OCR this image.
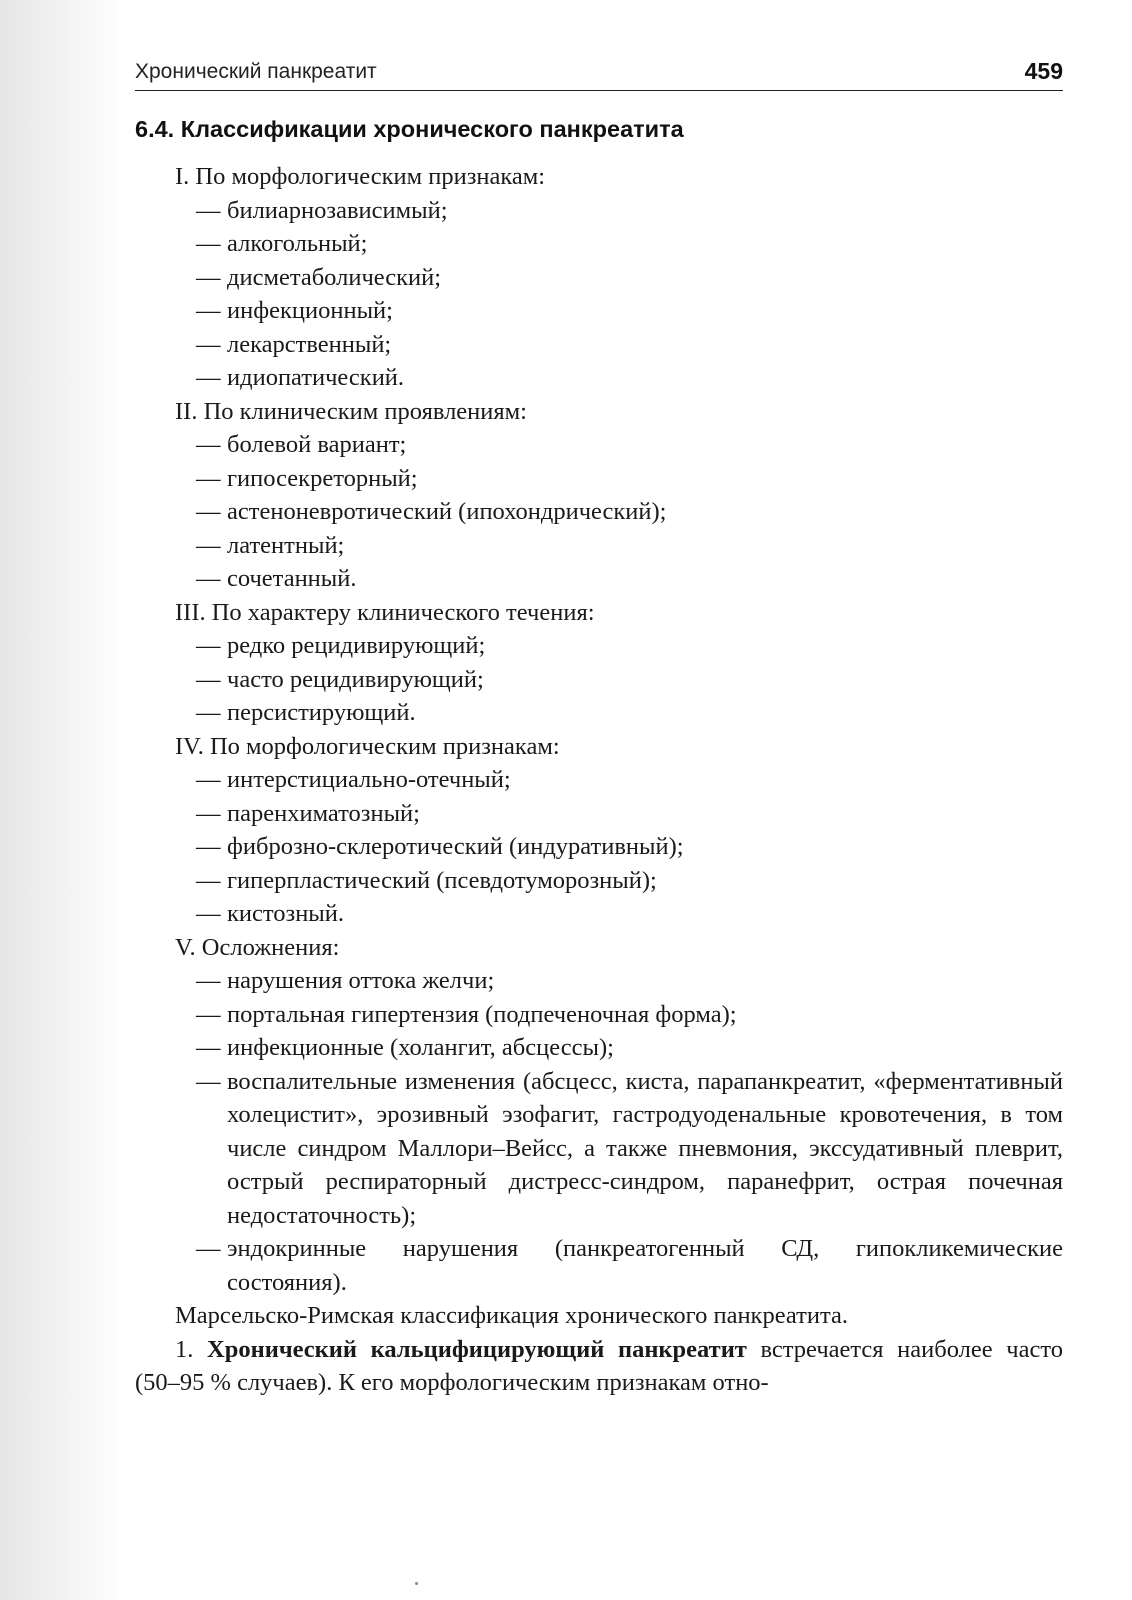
Хронический панкреатит	459
6.4. Классификации хронического панкреатита
I. По морфологическим признакам:
— билиарнозависимый;
— алкогольный;
— дисметаболический;
— инфекционный;
— лекарственный;
— идиопатический.
II. По клиническим проявлениям:
— болевой вариант;
— гипосекреторный;
— астеноневротический (ипохондрический);
— латентный;
— сочетанный.
III. По характеру клинического течения:
— редко рецидивирующий;
— часто рецидивирующий;
— персистирующий.
IV. По морфологическим признакам:
— интерстициально-отечный;
— паренхиматозный;
— фиброзно-склеротический (индуративный);
— гиперпластический (псевдотуморозный);
— кистозный.
V. Осложнения:
— нарушения оттока желчи;
— портальная гипертензия (подпеченочная форма);
— инфекционные (холангит, абсцессы);
— воспалительные изменения (абсцесс, киста, парапанкреатит, «ферментативный холецистит», эрозивный эзофагит, гастродуоденальные кровотечения, в том числе синдром Маллори–Вейсс, а также пневмония, экссудативный плеврит, острый респираторный дистресс-синдром, паранефрит, острая почечная недостаточность);
— эндокринные нарушения (панкреатогенный СД, гипокликемические состояния).
Марсельско-Римская классификация хронического панкреатита.
1. Хронический кальцифицирующий панкреатит встречается наиболее часто (50–95 % случаев). К его морфологическим признакам отно-
